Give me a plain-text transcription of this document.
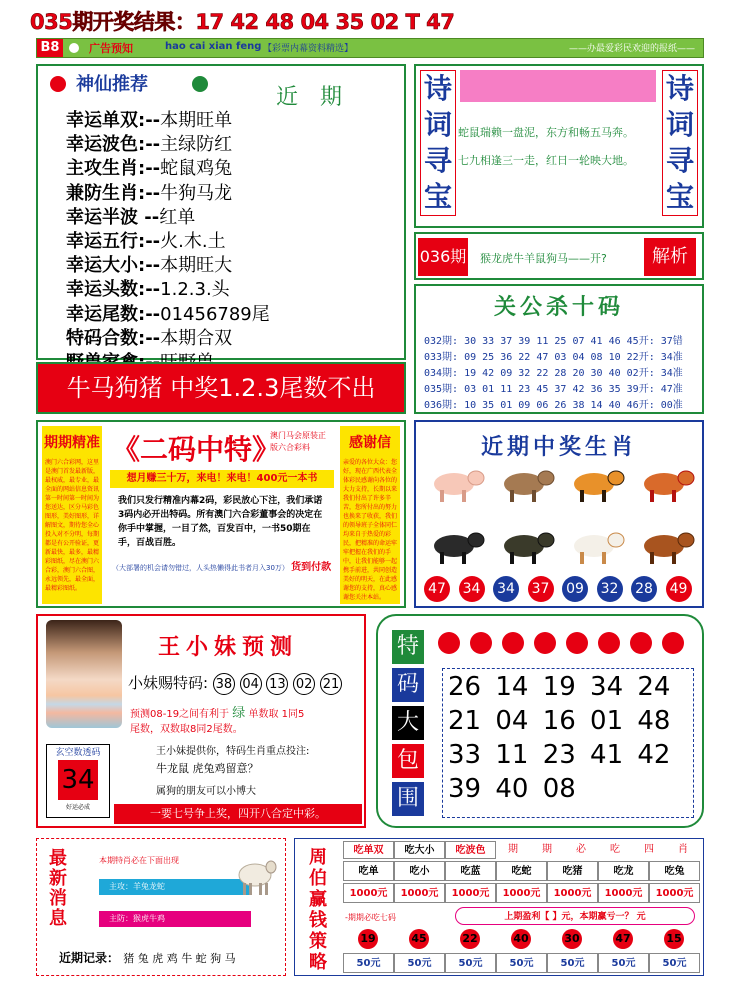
035期开奖结果：17 42 48 04 35 02 T 47
B8	广告预知	hao cai xian feng 【彩票内幕资料精选】	——办最爱彩民欢迎的报纸——
神仙推荐
近　期
幸运单双:--本期旺单
幸运波色:--主绿防红
主攻生肖:--蛇鼠鸡兔
兼防生肖:--牛狗马龙
幸运半波 --红单
幸运五行:--火.木.土
幸运大小:--本期旺大
幸运头数:--1.2.3.头
幸运尾数:--01456789尾
特码合数:--本期合双
牛马狗猪 中奖1.2.3尾数不出
诗
词
寻
宝
蛇鼠瑞赖一盘泥，东方和畅五马奔。
七九相逢三一走，红日一轮映大地。
诗
词
寻
宝
036期 猴龙虎牛羊鼠狗马——开?	解析
关公杀十码
032期: 30 33 37 39 11 25 07 41 46 45开: 37错
033期: 09 25 36 22 47 03 04 08 10 22开: 34准
034期: 19 42 09 32 22 28 20 30 40 02开: 34准
035期: 03 01 11 23 45 37 42 36 35 39开: 47准
036期: 10 35 01 09 06 26 38 14 40 46开: 00准
期期精准
澳门六合彩网，这里是澳门首发最新版，最权威，最专业，最全面的网站信息资讯第一时间第一时间为您送达，区分马彩色图形，美好图形，详解图文，期待您全心投入对不分明，每期都是有公开验证，更新最快，最多，最精彩图纸，尽在澳门六合彩，澳门六合图，永远领先，最全面，最精彩图纸。
《二码中特》
澳门马会原装正版六合彩料
想月赚三十万，来电！来电！400元一本书
我们只发行精准内幕2码，彩民放心下注，我们承诺3码内必开出特码。所有澳门六合彩董事会的决定在你手中掌握，一目了然，百发百中，一书50期在手，百战百胜。
（大部署的机会请勿错过，人头热懒得此书者月入30万） 货到付款
感谢信
亲爱的各位大众：您好，现在广西代表全体彩民感谢向各位的大力支持，长期以来我们付出了许多辛苦，您所付出的努力也换来了收获，我们的领导班子全体同仁均来自于热爱的彩民，把精准的命运牢牢把握在我们的手中，让我们能够一起携手前进，共同创造美好的明天，在此感谢您的支持，真心感谢您关注本站。
近期中奖生肖
47 34 34 37 09 32 28 49
王小妹预测
小妹赐特码: 38 04 13 02 21
预测08-19之间有利于 绿 单数取 1同5
尾数，双数取8同2尾数。
王小妹提供你，特码生肖重点投注:
牛龙鼠 虎兔鸡留意？
属狗的朋友可以小博大
玄空数透码
34
好运必成	一要七号争上奖，四开八合定中彩。
特
码
大
包
围
26 14 19 34 24
21 04 16 01 48
33 11 23 41 42
39 40 08
最新消息
本期特肖必在下面出现
主攻：羊兔龙蛇
主防：猴虎牛鸡
近期记录： 猪 兔 虎 鸡 牛 蛇 狗 马
周伯赢钱策略
吃单双	吃大小	吃波色	期	期	必	吃	四	肖
吃单	吃小	吃蓝	吃蛇	吃猪	吃龙	吃兔
1000元	1000元	1000元	1000元	1000元	1000元	1000元
19	45	22	40	30	47	15
50元	50元	50元	50元	50元	50元	50元
-期期必吃七码	上期盈利【 】元，本期赢亏一？ 元
